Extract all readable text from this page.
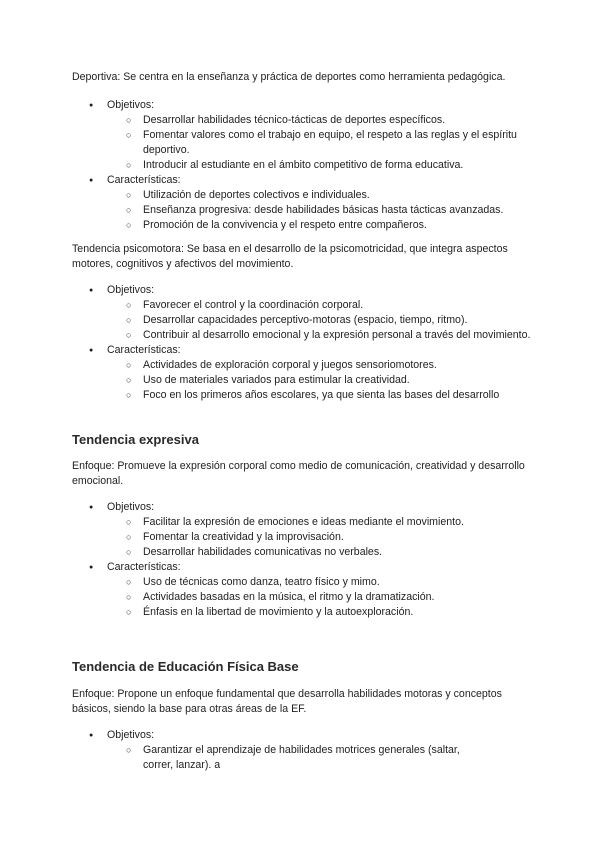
Deportiva: Se centra en la enseñanza y práctica de deportes como herramienta pedagógica.

● Objetivos:
○ Desarrollar habilidades técnico-tácticas de deportes específicos.
○ Fomentar valores como el trabajo en equipo, el respeto a las reglas y el espíritu deportivo.
○ Introducir al estudiante en el ámbito competitivo de forma educativa.
● Características:
○ Utilización de deportes colectivos e individuales.
○ Enseñanza progresiva: desde habilidades básicas hasta tácticas avanzadas.
○ Promoción de la convivencia y el respeto entre compañeros.

Tendencia psicomotora: Se basa en el desarrollo de la psicomotricidad, que integra aspectos motores, cognitivos y afectivos del movimiento.

● Objetivos:
○ Favorecer el control y la coordinación corporal.
○ Desarrollar capacidades perceptivo-motoras (espacio, tiempo, ritmo).
○ Contribuir al desarrollo emocional y la expresión personal a través del movimiento.
● Características:
○ Actividades de exploración corporal y juegos sensoriomotores.
○ Uso de materiales variados para estimular la creatividad.
○ Foco en los primeros años escolares, ya que sienta las bases del desarrollo
Tendencia expresiva

Enfoque: Promueve la expresión corporal como medio de comunicación, creatividad y desarrollo emocional.

● Objetivos:
○ Facilitar la expresión de emociones e ideas mediante el movimiento.
○ Fomentar la creatividad y la improvisación.
○ Desarrollar habilidades comunicativas no verbales.
● Características:
○ Uso de técnicas como danza, teatro físico y mimo.
○ Actividades basadas en la música, el ritmo y la dramatización.
○ Énfasis en la libertad de movimiento y la autoexploración.
Tendencia de Educación Física Base

Enfoque: Propone un enfoque fundamental que desarrolla habilidades motoras y conceptos básicos, siendo la base para otras áreas de la EF.

● Objetivos:
○ Garantizar el aprendizaje de habilidades motrices generales (saltar, correr, lanzar). a
